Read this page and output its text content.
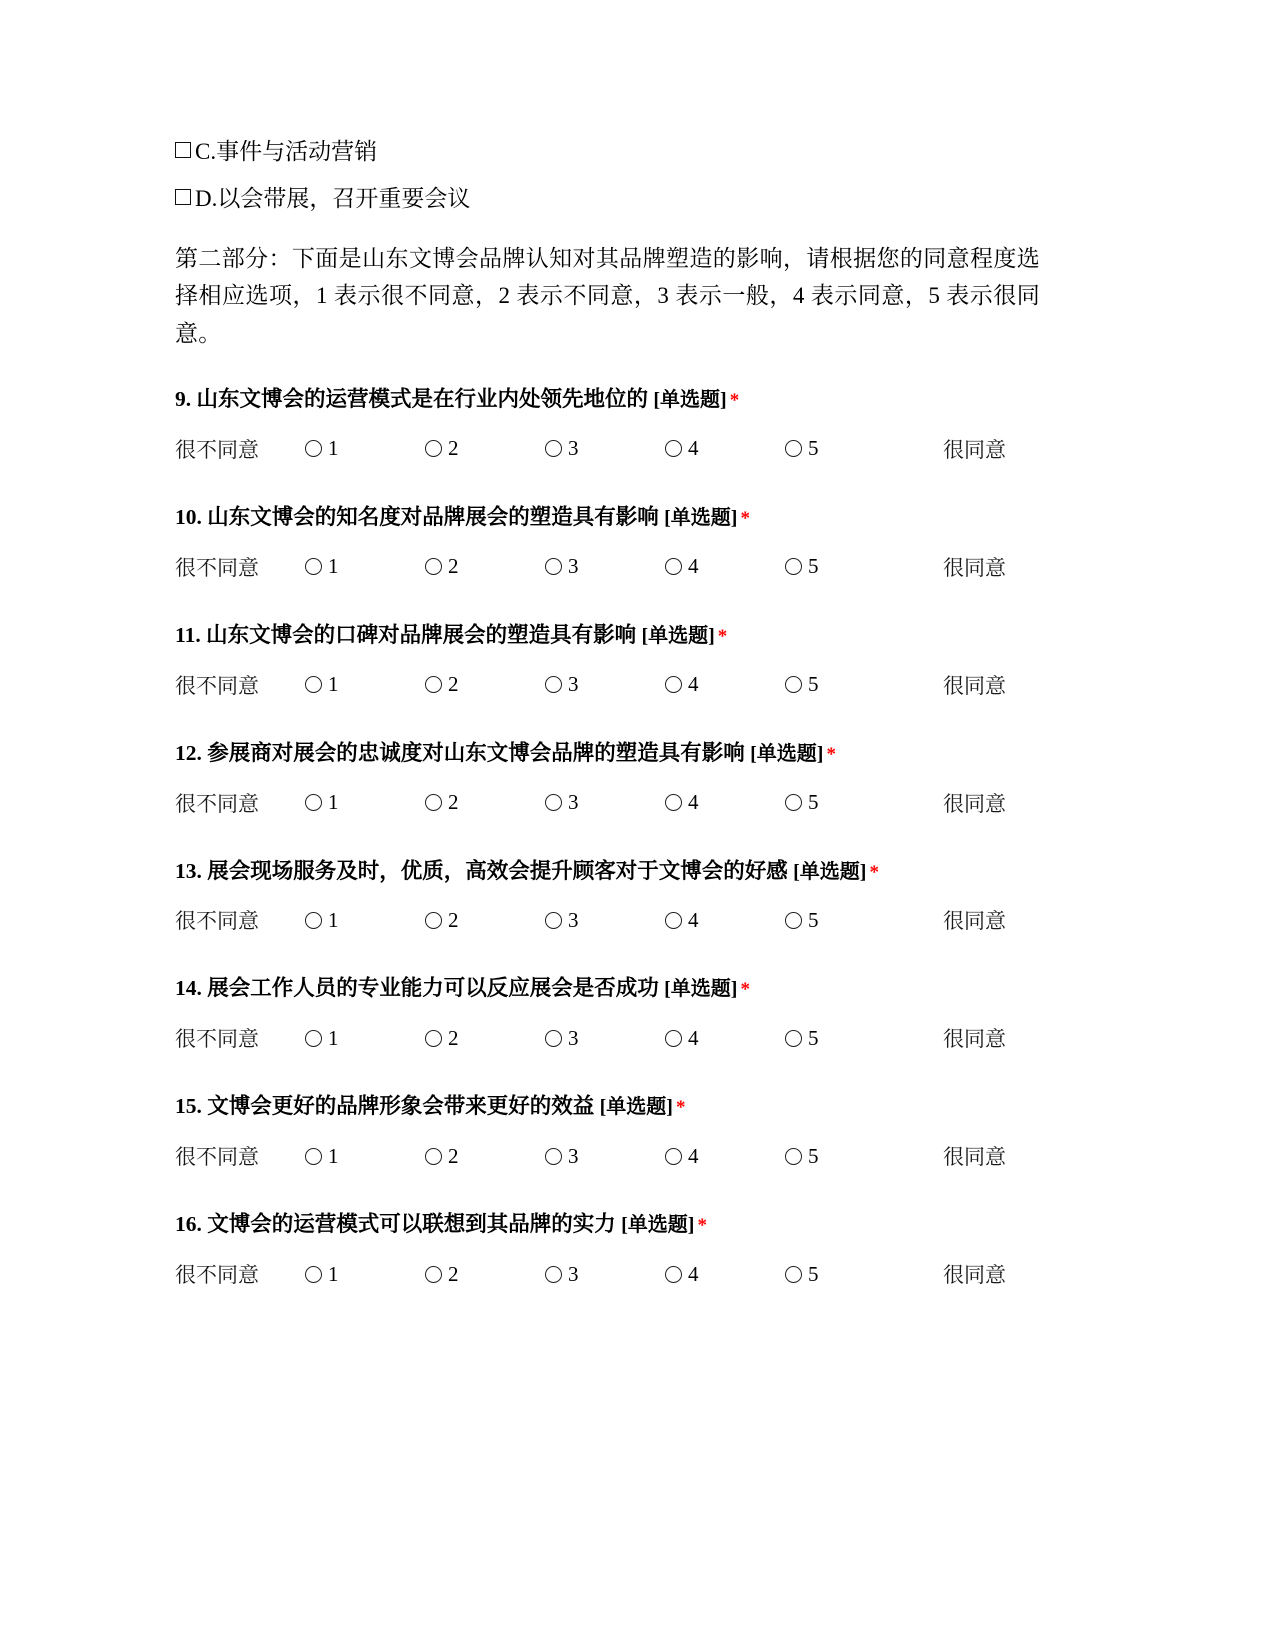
C.事件与活动营销
D.以会带展，召开重要会议
第二部分：下面是山东文博会品牌认知对其品牌塑造的影响，请根据您的同意程度选择相应选项，1 表示很不同意，2 表示不同意，3 表示一般，4 表示同意，5 表示很同意。
9. 山东文博会的运营模式是在行业内处领先地位的 [单选题] *
很不同意	1	2	3	4	5	很同意
10. 山东文博会的知名度对品牌展会的塑造具有影响 [单选题] *
很不同意	1	2	3	4	5	很同意
11. 山东文博会的口碑对品牌展会的塑造具有影响 [单选题] *
很不同意	1	2	3	4	5	很同意
12. 参展商对展会的忠诚度对山东文博会品牌的塑造具有影响 [单选题] *
很不同意	1	2	3	4	5	很同意
13. 展会现场服务及时，优质，高效会提升顾客对于文博会的好感 [单选题] *
很不同意	1	2	3	4	5	很同意
14. 展会工作人员的专业能力可以反应展会是否成功 [单选题] *
很不同意	1	2	3	4	5	很同意
15. 文博会更好的品牌形象会带来更好的效益 [单选题] *
很不同意	1	2	3	4	5	很同意
16. 文博会的运营模式可以联想到其品牌的实力 [单选题] *
很不同意	1	2	3	4	5	很同意
